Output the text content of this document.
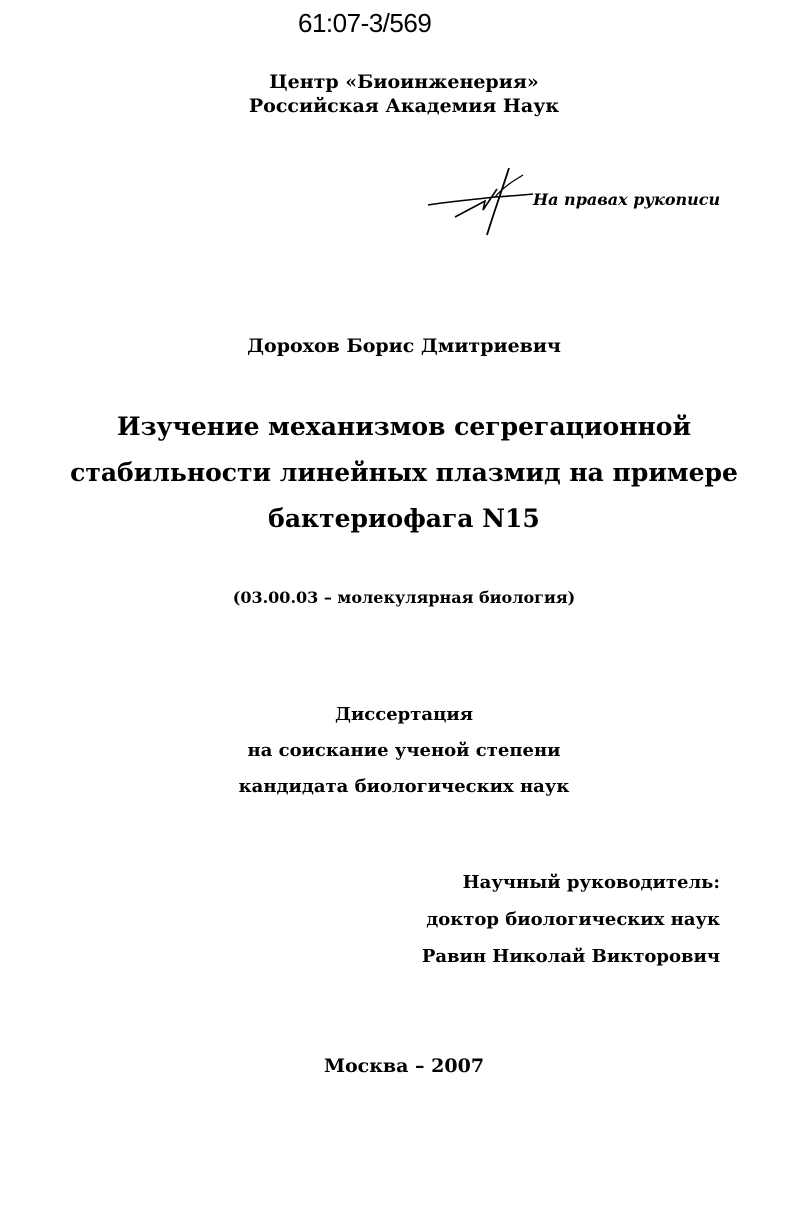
61:07-3/569
Центр «Биоинженерия»
Российская Академия Наук
На правах рукописи
Дорохов Борис Дмитриевич
Изучение механизмов сегрегационной
стабильности линейных плазмид на примере
бактериофага N15
(03.00.03 – молекулярная биология)
Диссертация
на соискание ученой степени
кандидата биологических наук
Научный руководитель:
доктор биологических наук
Равин Николай Викторович
Москва – 2007
